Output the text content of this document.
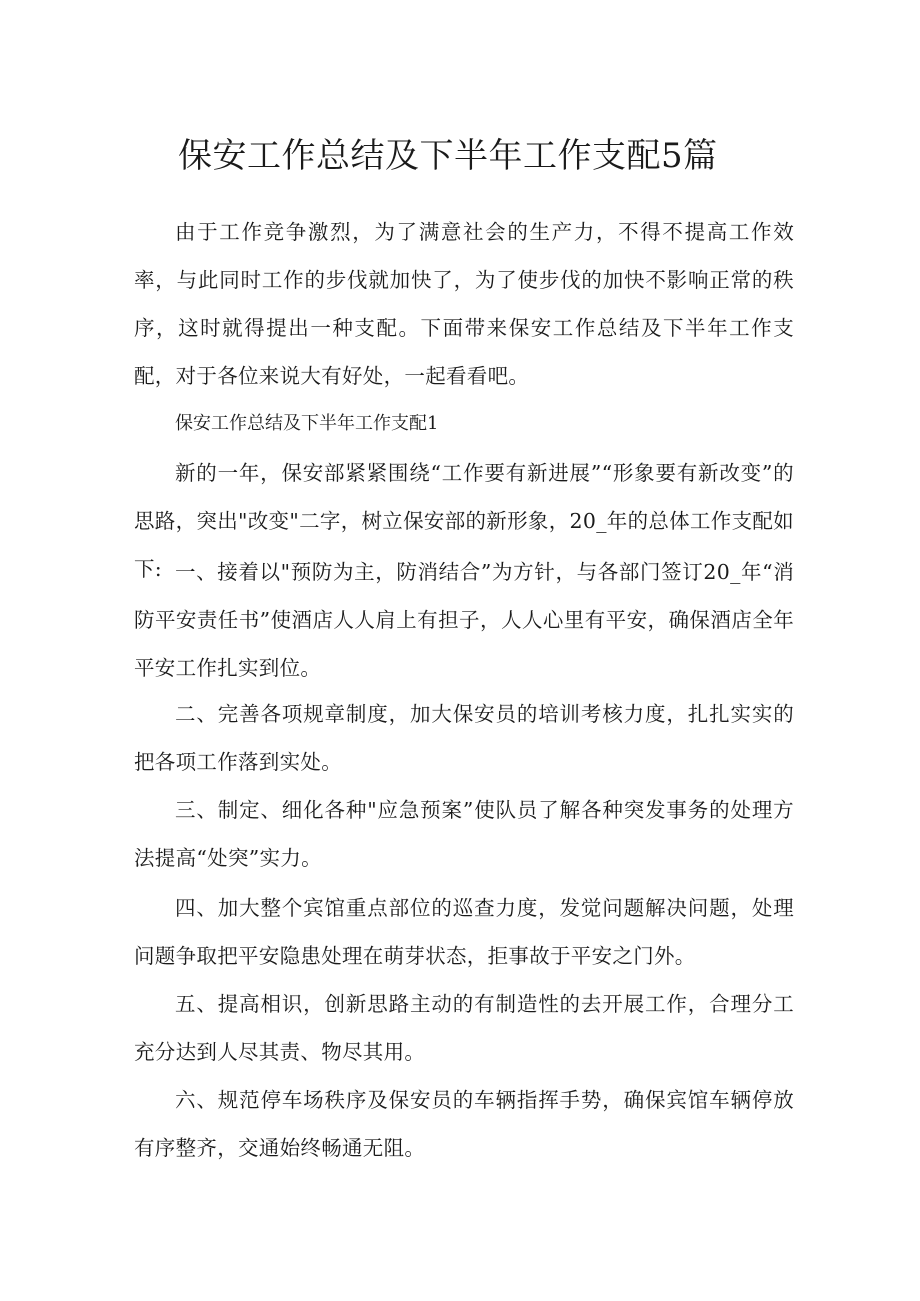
保安工作总结及下半年工作支配5篇

由于工作竞争激烈，为了满意社会的生产力，不得不提高工作效率，与此同时工作的步伐就加快了，为了使步伐的加快不影响正常的秩序，这时就得提出一种支配。下面带来保安工作总结及下半年工作支配，对于各位来说大有好处，一起看看吧。

保安工作总结及下半年工作支配1

新的一年，保安部紧紧围绕“工作要有新进展”“形象要有新改变”的思路，突出"改变"二字，树立保安部的新形象，20_年的总体工作支配如下: 一、接着以"预防为主，防消结合”为方针，与各部门签订20_年“消防平安责任书”使酒店人人肩上有担子，人人心里有平安，确保酒店全年平安工作扎实到位。

二、完善各项规章制度，加大保安员的培训考核力度，扎扎实实的把各项工作落到实处。

三、制定、细化各种"应急预案”使队员了解各种突发事务的处理方法提高“处突”实力。

四、加大整个宾馆重点部位的巡查力度，发觉问题解决问题，处理问题争取把平安隐患处理在萌芽状态，拒事故于平安之门外。

五、提高相识，创新思路主动的有制造性的去开展工作，合理分工充分达到人尽其责、物尽其用。

六、规范停车场秩序及保安员的车辆指挥手势，确保宾馆车辆停放有序整齐，交通始终畅通无阻。
